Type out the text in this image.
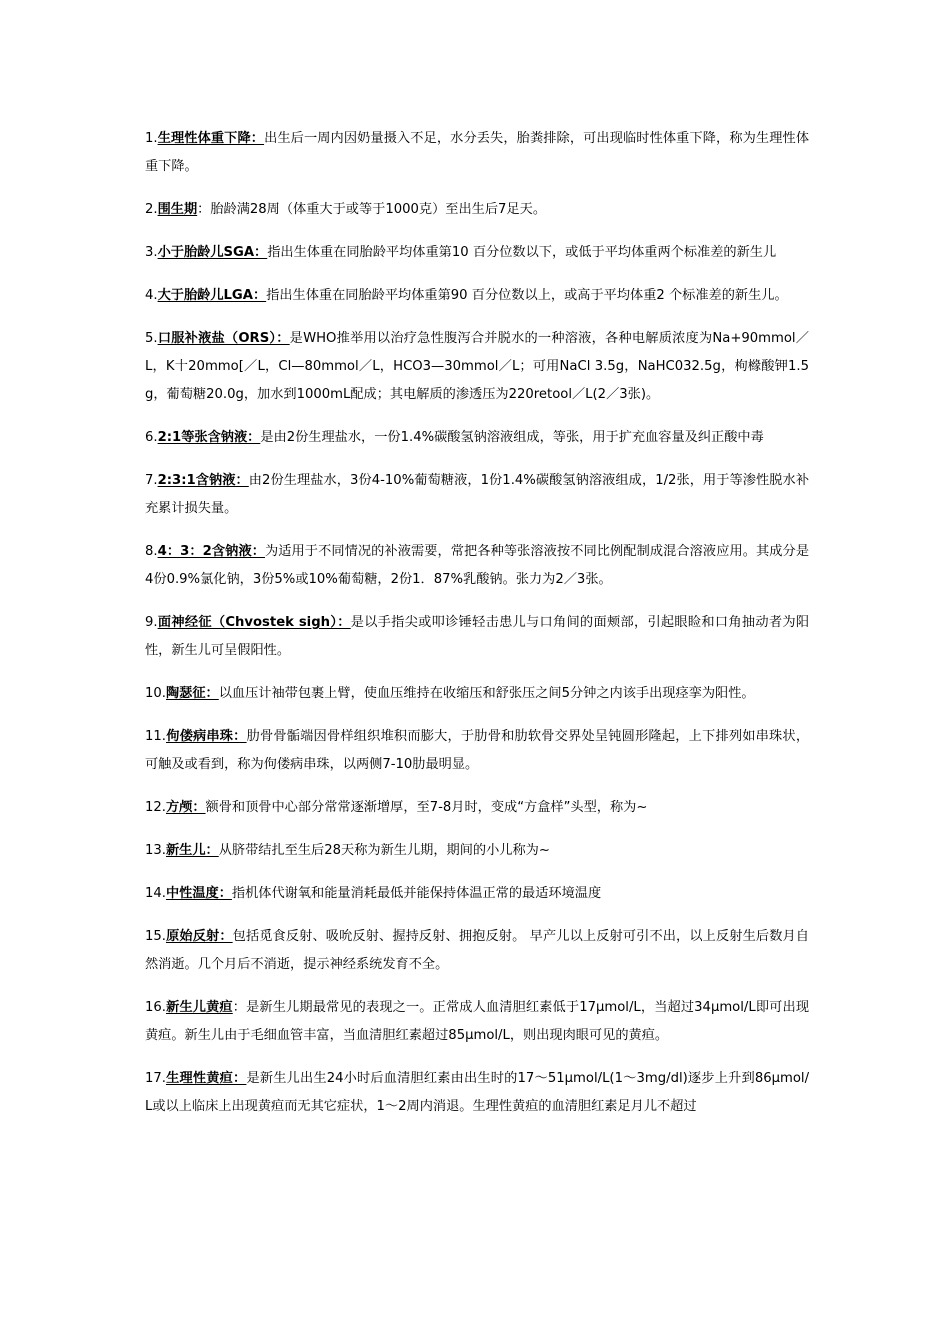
1.生理性体重下降：出生后一周内因奶量摄入不足，水分丢失，胎粪排除，可出现临时性体重下降，称为生理性体重下降。

2.围生期：胎龄满28周（体重大于或等于1000克）至出生后7足天。

3.小于胎龄儿SGA：指出生体重在同胎龄平均体重第10 百分位数以下，或低于平均体重两个标准差的新生儿

4.大于胎龄儿LGA：指出生体重在同胎龄平均体重第90 百分位数以上，或高于平均体重2 个标准差的新生儿。

5.口服补液盐（ORS）：是WHO推举用以治疗急性腹泻合并脱水的一种溶液，各种电解质浓度为Na+90mmol／L，K十20mmo[／L，Cl—80mmol／L，HCO3—30mmol／L；可用NaCl 3.5g，NaHC032.5g，枸橼酸钾1.5g，葡萄糖20.0g，加水到1000mL配成；其电解质的渗透压为220retool／L(2／3张)。

6.2:1等张含钠液：是由2份生理盐水，一份1.4%碳酸氢钠溶液组成，等张，用于扩充血容量及纠正酸中毒

7.2:3:1含钠液：由2份生理盐水，3份4-10%葡萄糖液，1份1.4%碳酸氢钠溶液组成，1/2张，用于等渗性脱水补充累计损失量。

8.4：3：2含钠液：为适用于不同情况的补液需要，常把各种等张溶液按不同比例配制成混合溶液应用。其成分是4份0.9%氯化钠，3份5%或10%葡萄糖，2份1．87%乳酸钠。张力为2／3张。

9.面神经征（Chvostek sigh）：是以手指尖或叩诊锤轻击患儿与口角间的面颊部，引起眼睑和口角抽动者为阳性，新生儿可呈假阳性。

10.陶瑟征：以血压计袖带包裹上臂，使血压维持在收缩压和舒张压之间5分钟之内该手出现痉挛为阳性。

11.佝偻病串珠：肋骨骨骺端因骨样组织堆积而膨大，于肋骨和肋软骨交界处呈钝圆形隆起，上下排列如串珠状，可触及或看到，称为佝偻病串珠，以两侧7-10肋最明显。

12.方颅：额骨和顶骨中心部分常常逐渐增厚，至7-8月时，变成“方盒样”头型，称为~

13.新生儿：从脐带结扎至生后28天称为新生儿期，期间的小儿称为~

14.中性温度：指机体代谢氧和能量消耗最低并能保持体温正常的最适环境温度

15.原始反射：包括觅食反射、吸吮反射、握持反射、拥抱反射。 早产儿以上反射可引不出，以上反射生后数月自然消逝。几个月后不消逝，提示神经系统发育不全。

16.新生儿黄疸：是新生儿期最常见的表现之一。正常成人血清胆红素低于17μmol/L，当超过34μmol/L即可出现黄疸。新生儿由于毛细血管丰富，当血清胆红素超过85μmol/L，则出现肉眼可见的黄疸。

17.生理性黄疸：是新生儿出生24小时后血清胆红素由出生时的17～51μmol/L(1～3mg/dl)逐步上升到86μmol/L或以上临床上出现黄疸而无其它症状，1～2周内消退。生理性黄疸的血清胆红素足月儿不超过
